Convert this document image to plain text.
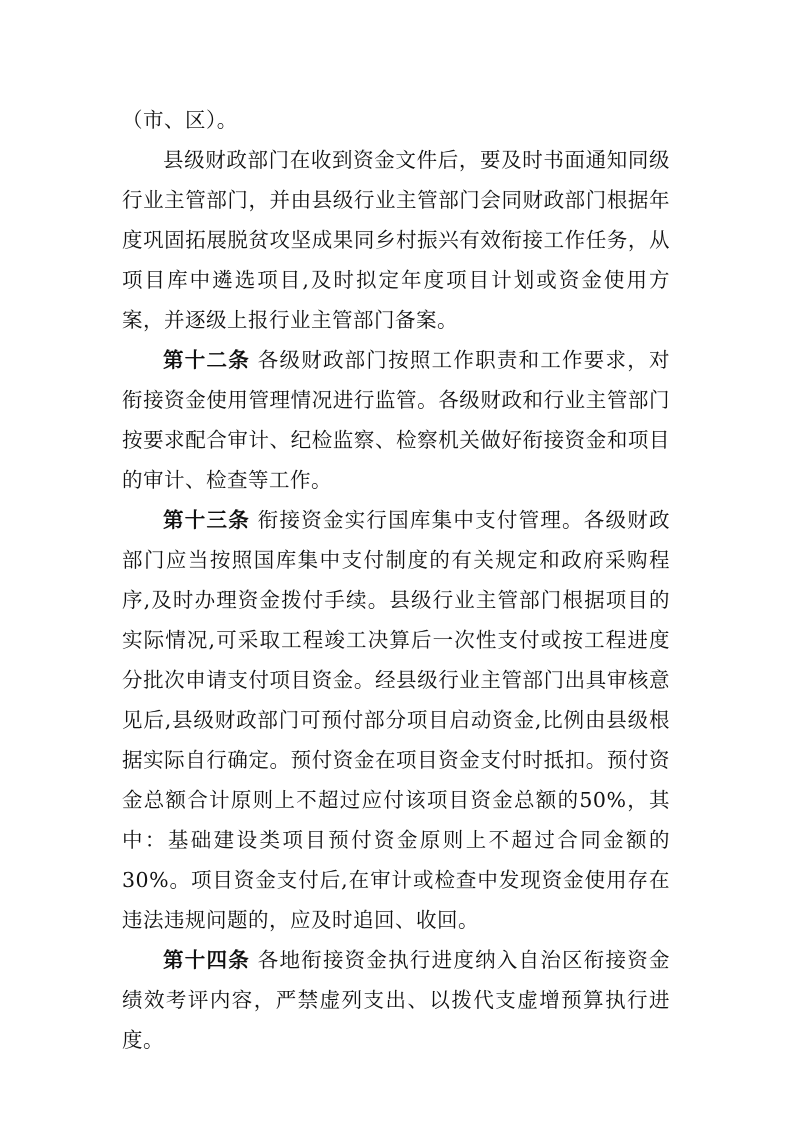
（市、区）。

县级财政部门在收到资金文件后，要及时书面通知同级行业主管部门，并由县级行业主管部门会同财政部门根据年度巩固拓展脱贫攻坚成果同乡村振兴有效衔接工作任务，从项目库中遴选项目,及时拟定年度项目计划或资金使用方案，并逐级上报行业主管部门备案。

第十二条 各级财政部门按照工作职责和工作要求，对衔接资金使用管理情况进行监管。各级财政和行业主管部门按要求配合审计、纪检监察、检察机关做好衔接资金和项目的审计、检查等工作。

第十三条 衔接资金实行国库集中支付管理。各级财政部门应当按照国库集中支付制度的有关规定和政府采购程序,及时办理资金拨付手续。县级行业主管部门根据项目的实际情况,可采取工程竣工决算后一次性支付或按工程进度分批次申请支付项目资金。经县级行业主管部门出具审核意见后,县级财政部门可预付部分项目启动资金,比例由县级根据实际自行确定。预付资金在项目资金支付时抵扣。预付资金总额合计原则上不超过应付该项目资金总额的50%，其中：基础建设类项目预付资金原则上不超过合同金额的30%。项目资金支付后,在审计或检查中发现资金使用存在违法违规问题的，应及时追回、收回。

第十四条 各地衔接资金执行进度纳入自治区衔接资金绩效考评内容，严禁虚列支出、以拨代支虚增预算执行进度。
